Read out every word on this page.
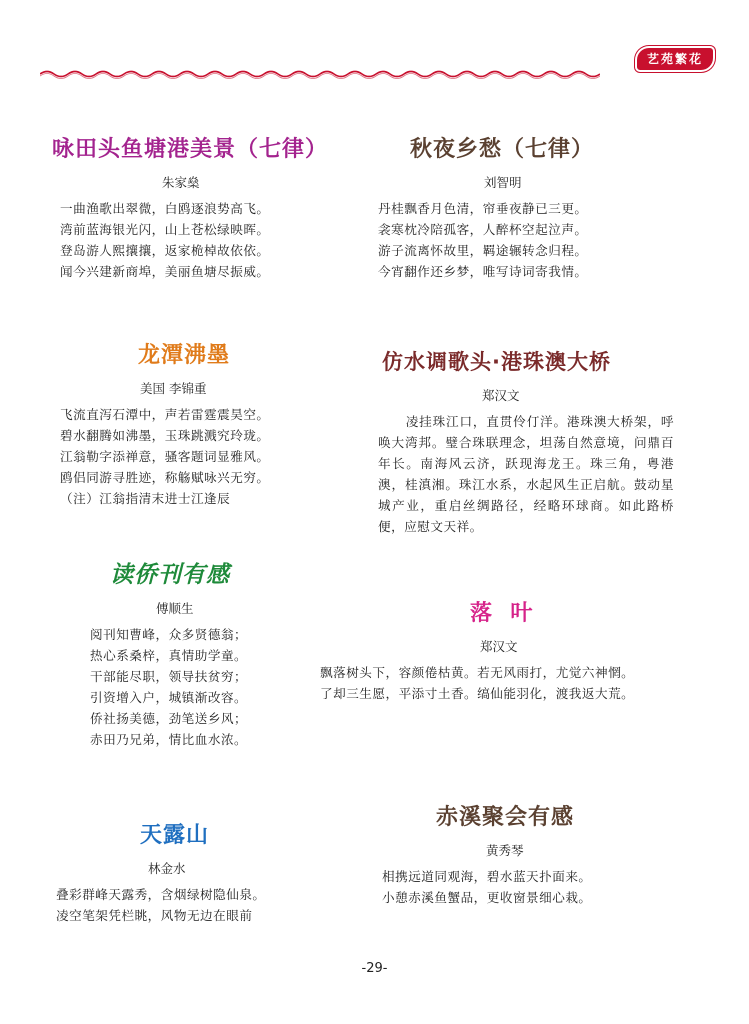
艺苑繁花
咏田头鱼塘港美景（七律）
朱家燊
一曲渔歌出翠微，白鸥逐浪势高飞。
湾前蓝海银光闪，山上苍松绿映晖。
登岛游人熙攘攘，返家桅棹故依依。
闻今兴建新商埠，美丽鱼塘尽振威。
秋夜乡愁（七律）
刘智明
丹桂飘香月色清，帘垂夜静已三更。
衾寒枕冷陪孤客，人醉杯空起泣声。
游子流离怀故里，羁途辗转念归程。
今宵翻作还乡梦，唯写诗词寄我情。
龙潭沸墨
美国 李锦重
飞流直泻石潭中，声若雷霆震昊空。
碧水翻腾如沸墨，玉珠跳溅究玲珑。
江翁勒字添禅意，骚客题词显雅风。
鸥侣同游寻胜迹，称觞赋咏兴无穷。
（注）江翁指清末进士江逢辰
仿水调歌头·港珠澳大桥
郑汉文
凌挂珠江口，直贯伶仃洋。港珠澳大桥架，呼唤大湾邦。璧合珠联理念，坦荡自然意境，问鼎百年长。南海风云济，跃现海龙王。珠三角，粤港澳，桂滇湘。珠江水系，水起风生正启航。鼓动星城产业，重启丝绸路径，经略环球商。如此路桥便，应慰文天祥。
读侨刊有感
傅顺生
阅刊知曹峰，众多贤德翁；
热心系桑梓，真情助学童。
干部能尽职，领导扶贫穷；
引资增入户，城镇渐改容。
侨社扬美德，劲笔送乡风；
赤田乃兄弟，情比血水浓。
落  叶
郑汉文
飘落树头下，容颜倦枯黄。若无风雨打，尤觉六神惘。
了却三生愿，平添寸土香。缟仙能羽化，渡我返大荒。
天露山
林金水
叠彩群峰天露秀，含烟绿树隐仙泉。
凌空笔架凭栏眺，风物无边在眼前
赤溪聚会有感
黄秀琴
相携远道同观海，碧水蓝天扑面来。
小憩赤溪鱼蟹品，更收窗景细心栽。
-29-
